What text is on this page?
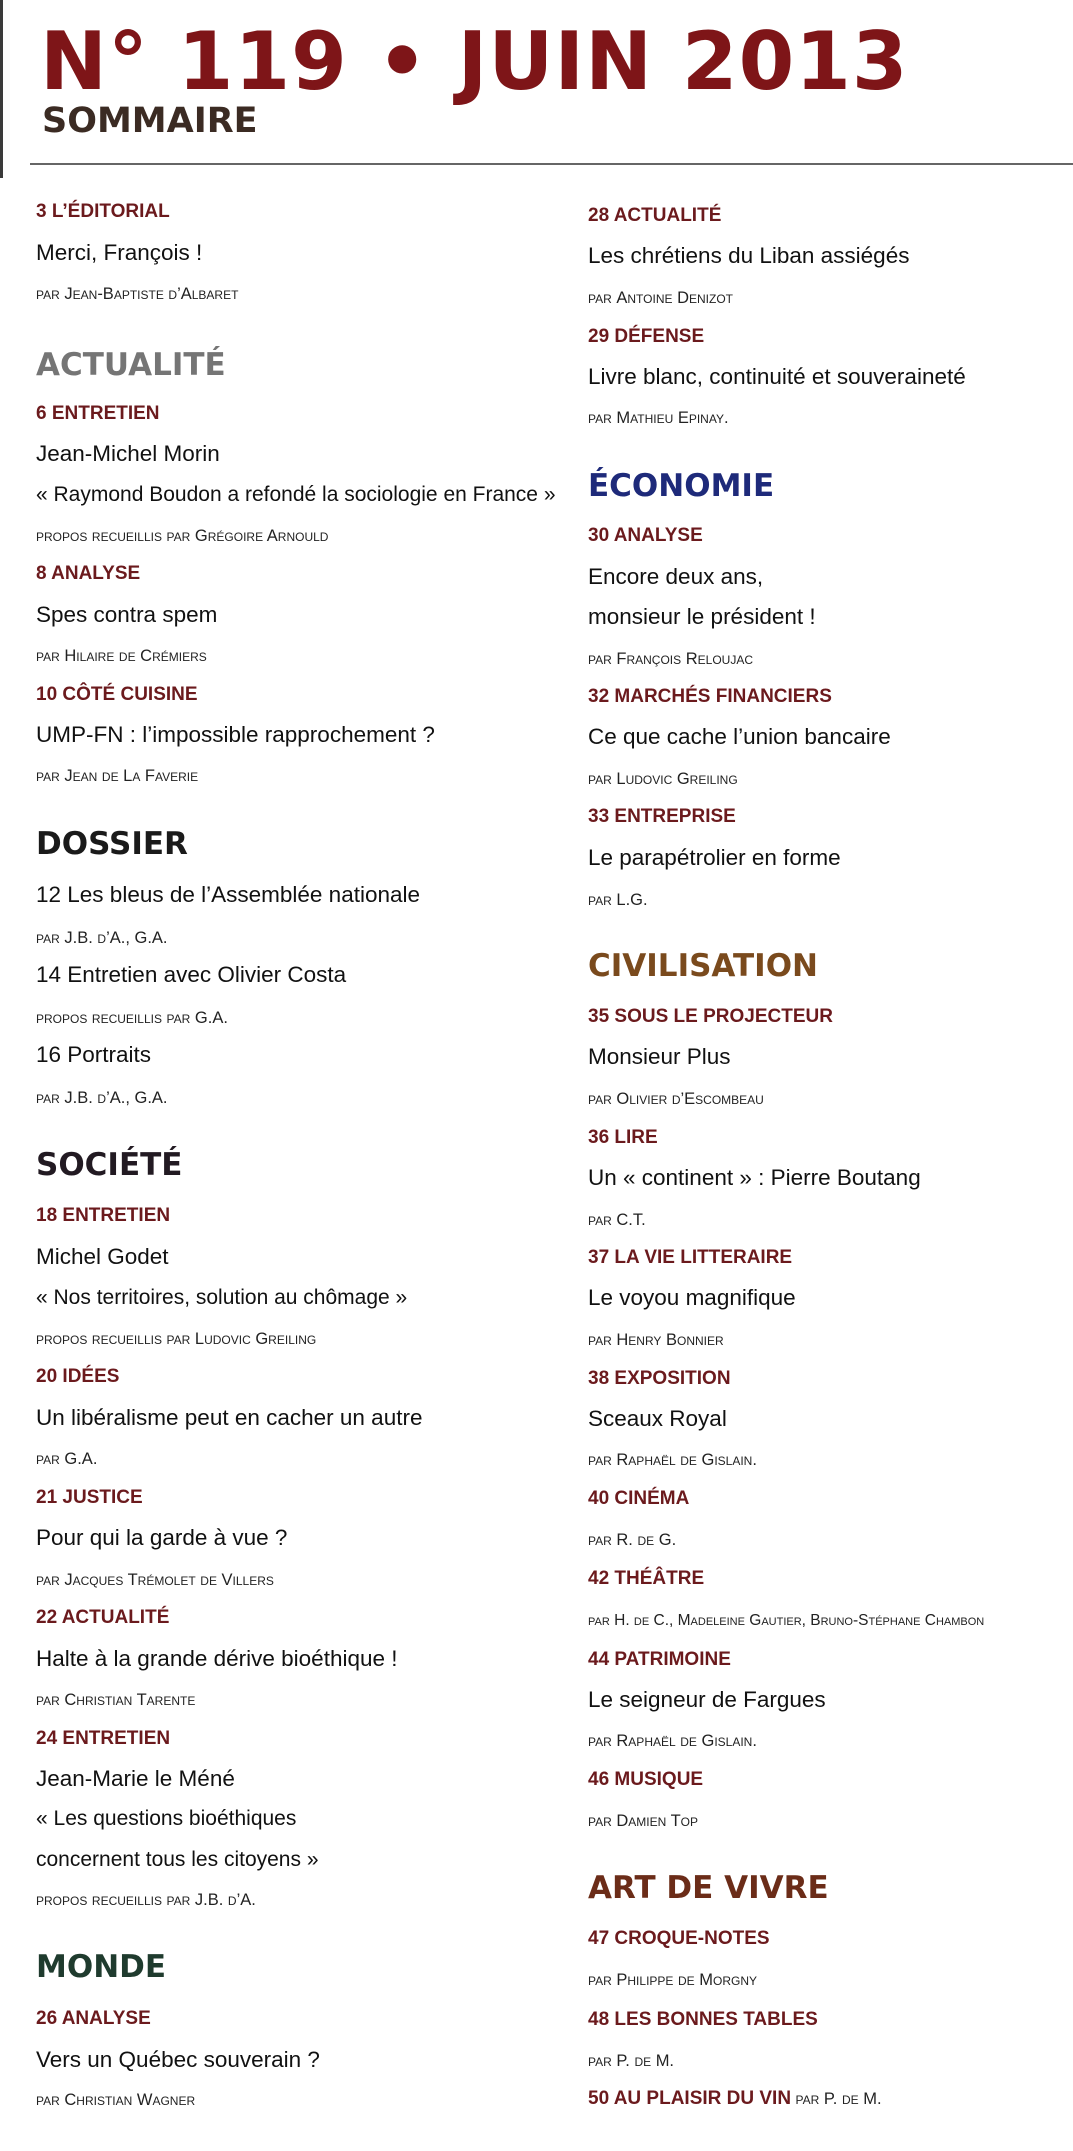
N° 119 • JUIN 2013
SOMMAIRE
3 L’ÉDITORIAL
Merci, François !
par Jean-Baptiste d’Albaret
ACTUALITÉ
6 ENTRETIEN
Jean-Michel Morin
« Raymond Boudon a refondé la sociologie en France »
propos recueillis par Grégoire Arnould
8 ANALYSE
Spes contra spem
par Hilaire de Crémiers
10 CÔTÉ CUISINE
UMP-FN : l’impossible rapprochement ?
par Jean de La Faverie
DOSSIER
12 Les bleus de l’Assemblée nationale
par J.B. d’A., G.A.
14 Entretien avec Olivier Costa
propos recueillis par G.A.
16 Portraits
par J.B. d’A., G.A.
SOCIÉTÉ
18 ENTRETIEN
Michel Godet
« Nos territoires, solution au chômage »
propos recueillis par Ludovic Greiling
20 IDÉES
Un libéralisme peut en cacher un autre
par G.A.
21 JUSTICE
Pour qui la garde à vue ?
par Jacques Trémolet de Villers
22 ACTUALITÉ
Halte à la grande dérive bioéthique !
par Christian Tarente
24 ENTRETIEN
Jean-Marie le Méné
« Les questions bioéthiques
concernent tous les citoyens »
propos recueillis par J.B. d’A.
MONDE
26 ANALYSE
Vers un Québec souverain ?
par Christian Wagner
28 ACTUALITÉ
Les chrétiens du Liban assiégés
par Antoine Denizot
29 DÉFENSE
Livre blanc, continuité et souveraineté
par Mathieu Epinay.
ÉCONOMIE
30 ANALYSE
Encore deux ans,
monsieur le président !
par François Reloujac
32 MARCHÉS FINANCIERS
Ce que cache l’union bancaire
par Ludovic Greiling
33 ENTREPRISE
Le parapétrolier en forme
par L.G.
CIVILISATION
35 SOUS LE PROJECTEUR
Monsieur Plus
par Olivier d’Escombeau
36 LIRE
Un « continent » : Pierre Boutang
par C.T.
37 LA VIE LITTERAIRE
Le voyou magnifique
par Henry Bonnier
38 EXPOSITION
Sceaux Royal
par Raphaël de Gislain.
40 CINÉMA
par R. de G.
42 THÉÂTRE
par H. de C., Madeleine Gautier, Bruno-Stéphane Chambon
44 PATRIMOINE
Le seigneur de Fargues
par Raphaël de Gislain.
46 MUSIQUE
par Damien Top
ART DE VIVRE
47 CROQUE-NOTES
par Philippe de Morgny
48 LES BONNES TABLES
par P. de M.
50 AU PLAISIR DU VIN par P. de M.
